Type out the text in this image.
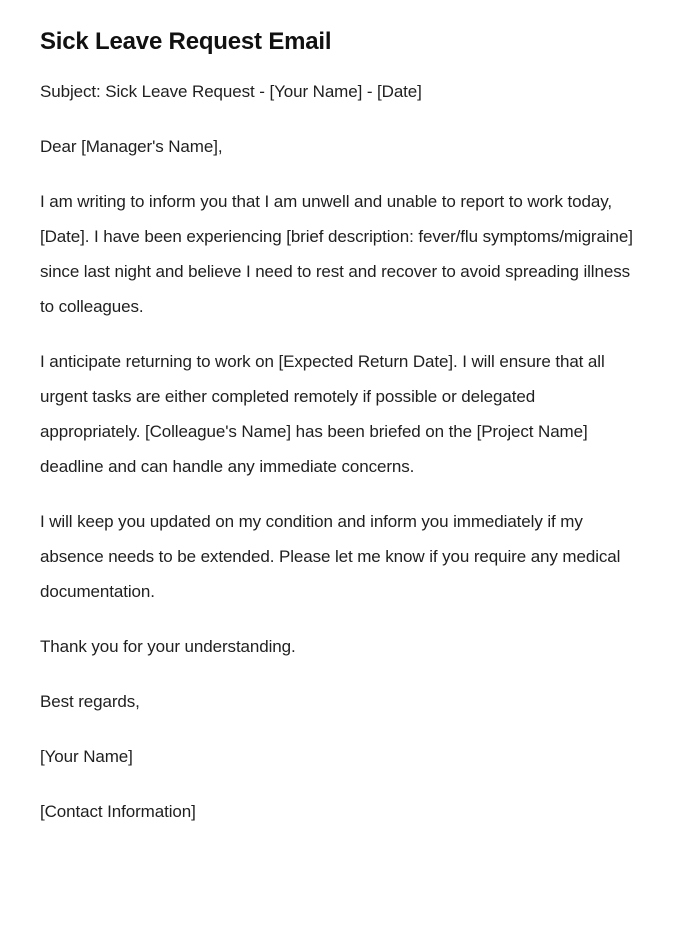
Sick Leave Request Email

Subject: Sick Leave Request - [Your Name] - [Date]

Dear [Manager's Name],

I am writing to inform you that I am unwell and unable to report to work today, [Date]. I have been experiencing [brief description: fever/flu symptoms/migraine] since last night and believe I need to rest and recover to avoid spreading illness to colleagues.

I anticipate returning to work on [Expected Return Date]. I will ensure that all urgent tasks are either completed remotely if possible or delegated appropriately. [Colleague's Name] has been briefed on the [Project Name] deadline and can handle any immediate concerns.

I will keep you updated on my condition and inform you immediately if my absence needs to be extended. Please let me know if you require any medical documentation.

Thank you for your understanding.

Best regards,

[Your Name]

[Contact Information]
